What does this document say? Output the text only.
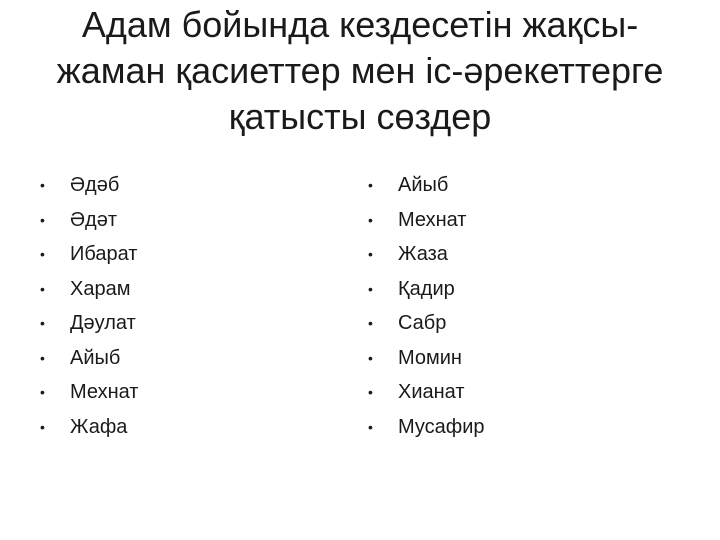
Адам бойында кездесетін жақсы-
жаман қасиеттер мен іс-әрекеттерге
қатысты сөздер
•	Әдәб
•	Әдәт
•	Ибарат
•	Харам
•	Дәулат
•	Айыб
•	Мехнат
•	Жафа
•	Айыб
•	Мехнат
•	Жаза
•	Қадир
•	Сабр
•	Момин
•	Хианат
•	Мусафир
